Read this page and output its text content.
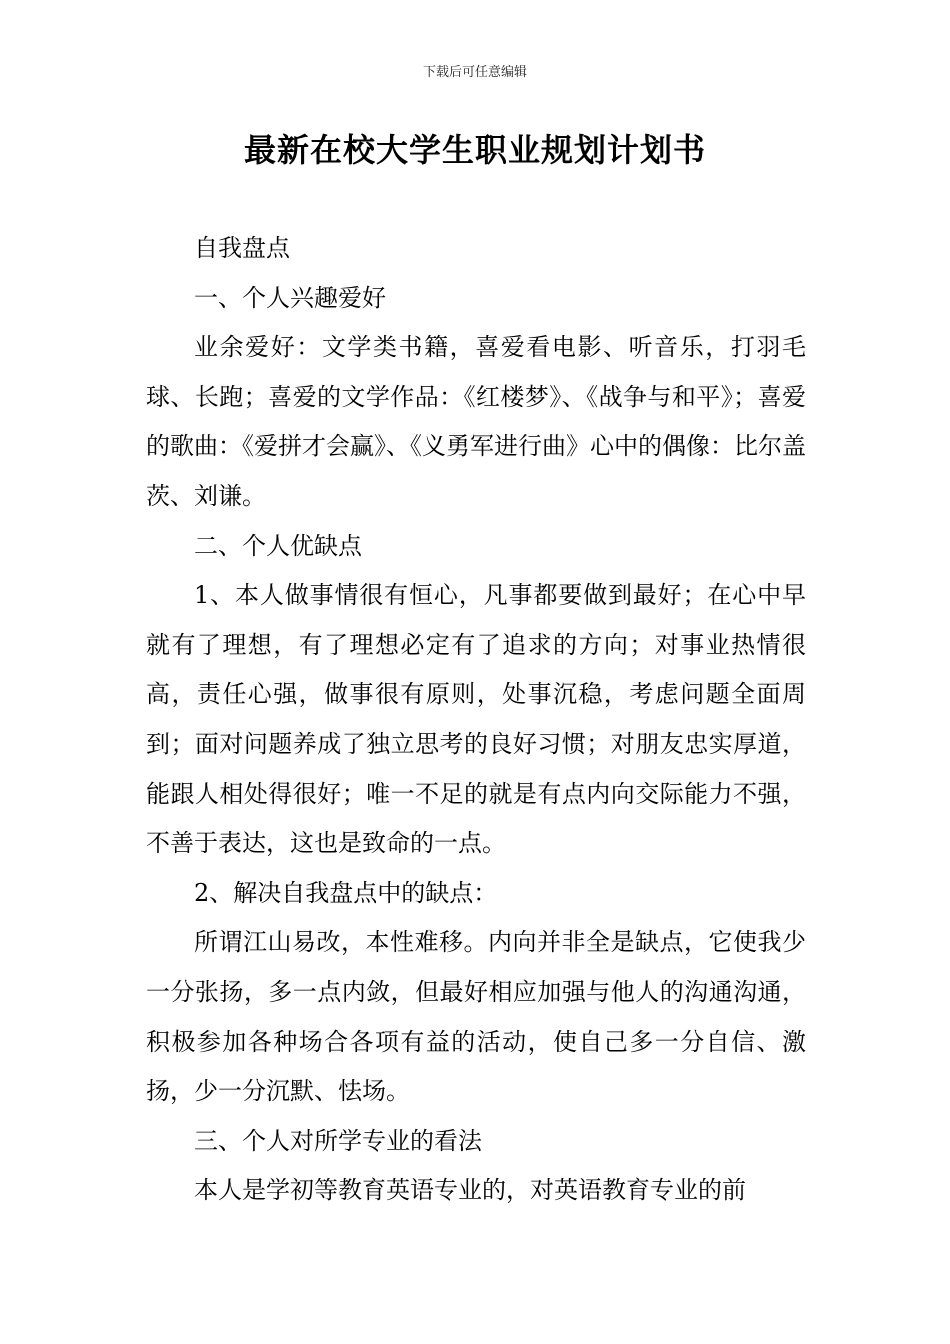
下载后可任意编辑
最新在校大学生职业规划计划书

自我盘点

一、个人兴趣爱好

业余爱好：文学类书籍，喜爱看电影、听音乐，打羽毛球、长跑；喜爱的文学作品：《红楼梦》、《战争与和平》；喜爱的歌曲：《爱拼才会赢》、《义勇军进行曲》心中的偶像：比尔盖茨、刘谦。

二、个人优缺点

1、本人做事情很有恒心，凡事都要做到最好；在心中早就有了理想，有了理想必定有了追求的方向；对事业热情很高，责任心强，做事很有原则，处事沉稳，考虑问题全面周到；面对问题养成了独立思考的良好习惯；对朋友忠实厚道，能跟人相处得很好；唯一不足的就是有点内向交际能力不强，不善于表达，这也是致命的一点。

2、解决自我盘点中的缺点：

所谓江山易改，本性难移。内向并非全是缺点，它使我少一分张扬，多一点内敛，但最好相应加强与他人的沟通沟通，积极参加各种场合各项有益的活动，使自己多一分自信、激扬，少一分沉默、怯场。

三、个人对所学专业的看法

本人是学初等教育英语专业的，对英语教育专业的前
